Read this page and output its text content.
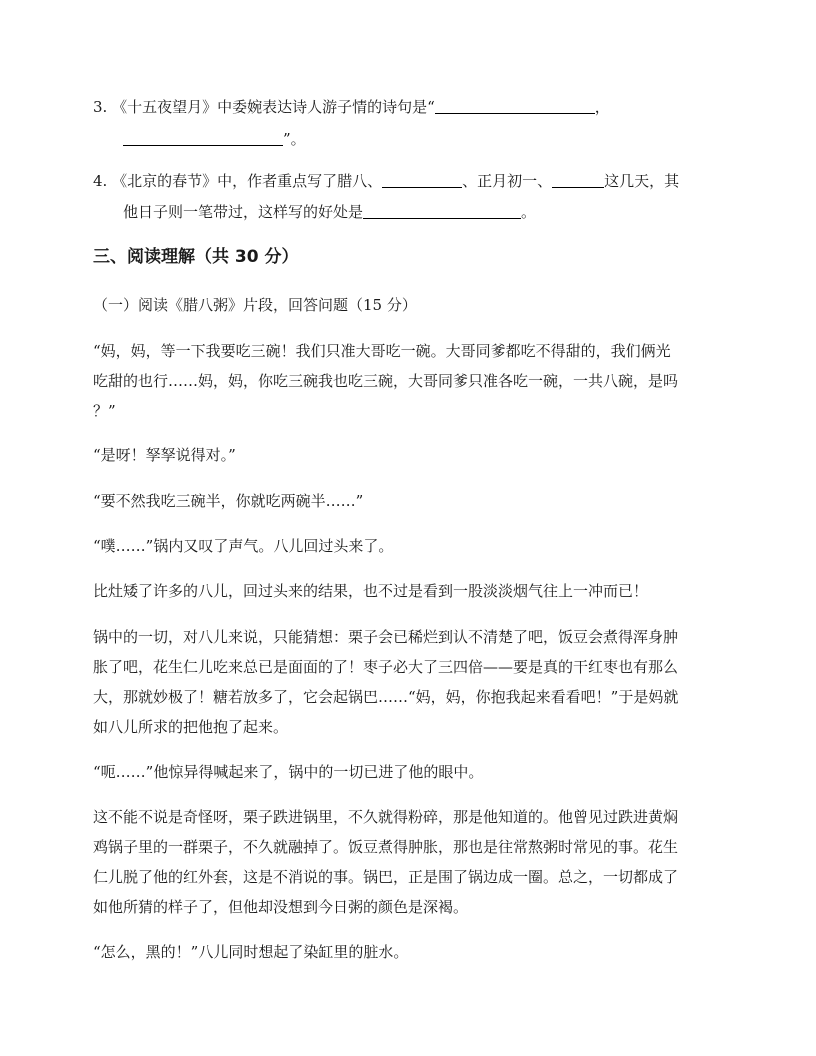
3. 《十五夜望月》中委婉表达诗人游子情的诗句是“	，
”。
4. 《北京的春节》中，作者重点写了腊八、	、正月初一、	这几天，其
他日子则一笔带过，这样写的好处是	。
三、阅读理解（共 30 分）
（一）阅读《腊八粥》片段，回答问题（15 分）
“妈，妈，等一下我要吃三碗！我们只准大哥吃一碗。大哥同爹都吃不得甜的，我们俩光
吃甜的也行……妈，妈，你吃三碗我也吃三碗，大哥同爹只准各吃一碗，一共八碗，是吗
？”
“是呀！孥孥说得对。”
“要不然我吃三碗半，你就吃两碗半……”
“噗……”锅内又叹了声气。八儿回过头来了。
比灶矮了许多的八儿，回过头来的结果，也不过是看到一股淡淡烟气往上一冲而已！
锅中的一切，对八儿来说，只能猜想：栗子会已稀烂到认不清楚了吧，饭豆会煮得浑身肿
胀了吧，花生仁儿吃来总已是面面的了！枣子必大了三四倍——要是真的干红枣也有那么
大，那就妙极了！糖若放多了，它会起锅巴……“妈，妈，你抱我起来看看吧！”于是妈就
如八儿所求的把他抱了起来。
“呃……”他惊异得喊起来了，锅中的一切已进了他的眼中。
这不能不说是奇怪呀，栗子跌进锅里，不久就得粉碎，那是他知道的。他曾见过跌进黄焖
鸡锅子里的一群栗子，不久就融掉了。饭豆煮得肿胀，那也是往常熬粥时常见的事。花生
仁儿脱了他的红外套，这是不消说的事。锅巴，正是围了锅边成一圈。总之，一切都成了
如他所猜的样子了，但他却没想到今日粥的颜色是深褐。
“怎么，黑的！”八儿同时想起了染缸里的脏水。
